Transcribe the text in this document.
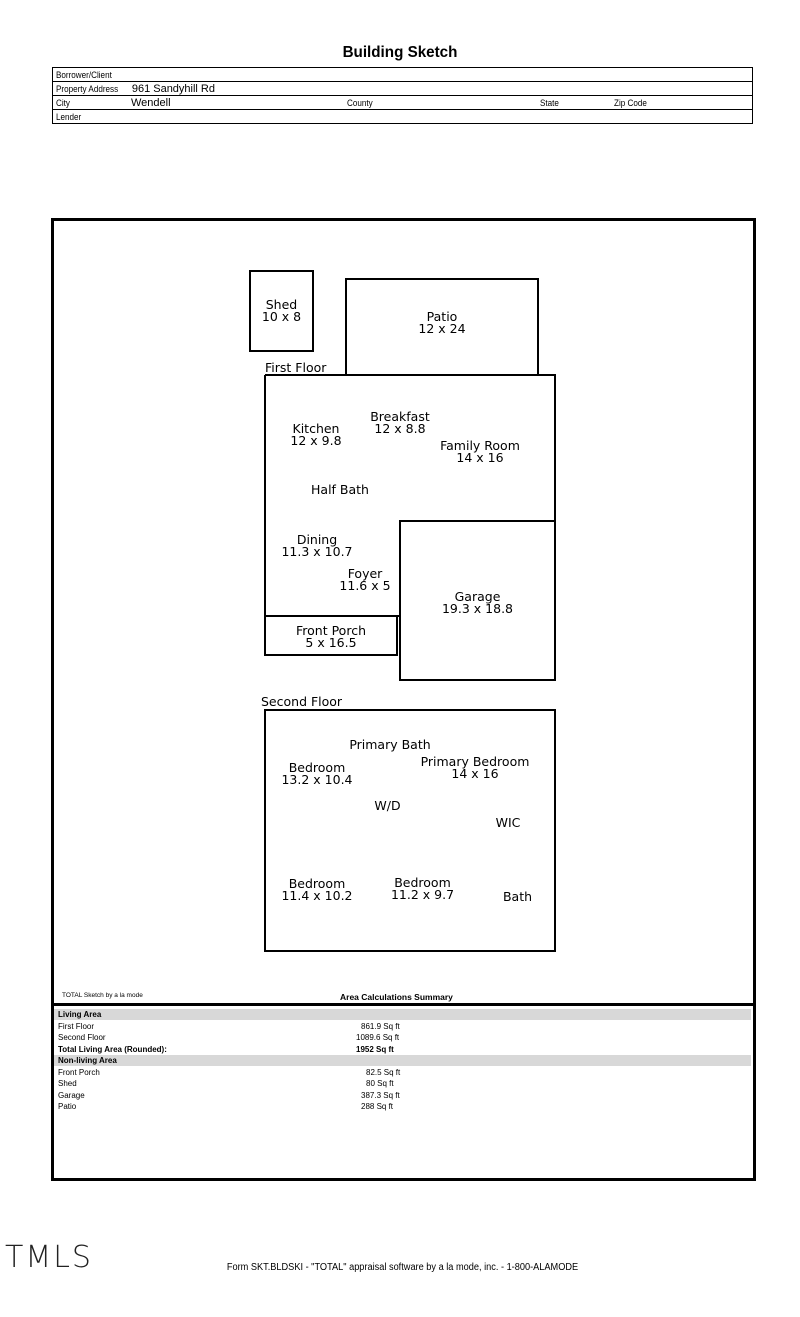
Building Sketch
Borrower/Client
Property Address 961 Sandyhill Rd
City	Wendell	County	State	Zip Code

Lender
Shed
10 x 8	Patio
12 x 24
First Floor
Kitchen
12 x 9.8
Breakfast
12 x 8.8
Family Room
14 x 16
Half Bath
Dining
11.3 x 10.7
Foyer
11.6 x 5
Garage
19.3 x 18.8
Front Porch
5 x 16.5
Second Floor
Primary Bath
Bedroom
13.2 x 10.4
Primary Bedroom
14 x 16
W/D
WIC
Bedroom
11.4 x 10.2
Bedroom
11.2 x 9.7	Bath
TOTAL Sketch by a la mode	Area Calculations Summary
Living Area
First Floor	861.9 Sq ft
Second Floor	1089.6 Sq ft
Total Living Area (Rounded):	1952 Sq ft
Non-living Area
Front Porch	82.5 Sq ft
Shed	80 Sq ft
Garage	387.3 Sq ft
Patio	288 Sq ft
TMLS	Form SKT.BLDSKI - "TOTAL" appraisal software by a la mode, inc. - 1-800-ALAMODE
